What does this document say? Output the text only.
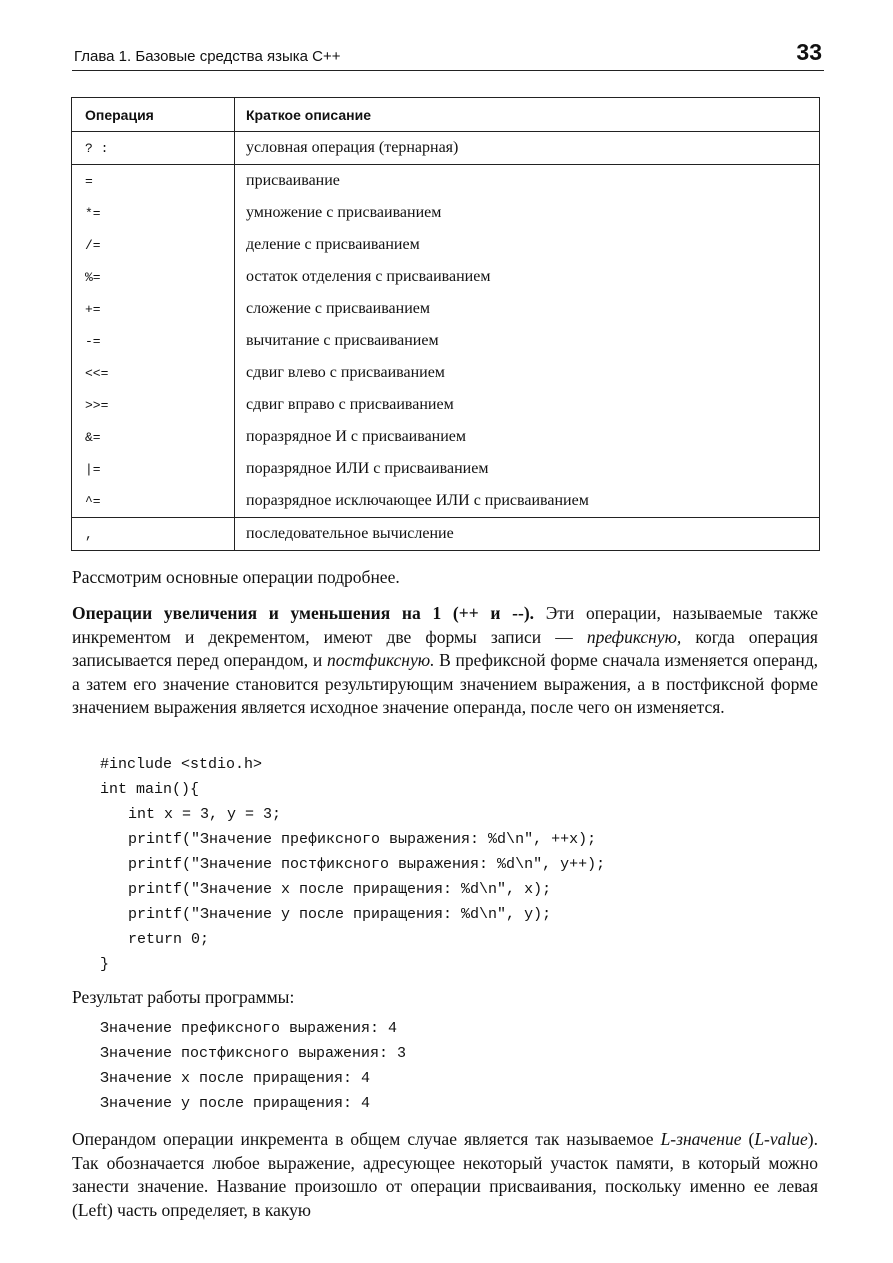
Глава 1. Базовые средства языка С++	33
Операция	Краткое описание
? :	условная операция (тернарная)
=	присваивание
*=	умножение с присваиванием
/=	деление с присваиванием
%=	остаток отделения с присваиванием
+=	сложение с присваиванием
-=	вычитание с присваиванием
<<=	сдвиг влево с присваиванием
>>=	сдвиг вправо с присваиванием
&=	поразрядное И с присваиванием
|=	поразрядное ИЛИ с присваиванием
^=	поразрядное исключающее ИЛИ с присваиванием
,	последовательное вычисление

Рассмотрим основные операции подробнее.

Операции увеличения и уменьшения на 1 (++ и --). Эти операции, называемые также инкрементом и декрементом, имеют две формы записи — префиксную, когда операция записывается перед операндом, и постфиксную. В префиксной форме сначала изменяется операнд, а затем его значение становится результирующим значением выражения, а в постфиксной форме значением выражения является исходное значение операнда, после чего он изменяется.

#include <stdio.h>
int main(){
int x = 3, y = 3;
printf("Значение префиксного выражения: %d\n", ++x);
printf("Значение постфиксного выражения: %d\n", y++);
printf("Значение х после приращения: %d\n", x);
printf("Значение у после приращения: %d\n", y);
return 0;
}

Результат работы программы:

Значение префиксного выражения: 4
Значение постфиксного выражения: 3
Значение х после приращения: 4
Значение у после приращения: 4

Операндом операции инкремента в общем случае является так называемое L-значение (L-value). Так обозначается любое выражение, адресующее некоторый участок памяти, в который можно занести значение. Название произошло от операции присваивания, поскольку именно ее левая (Left) часть определяет, в какую
